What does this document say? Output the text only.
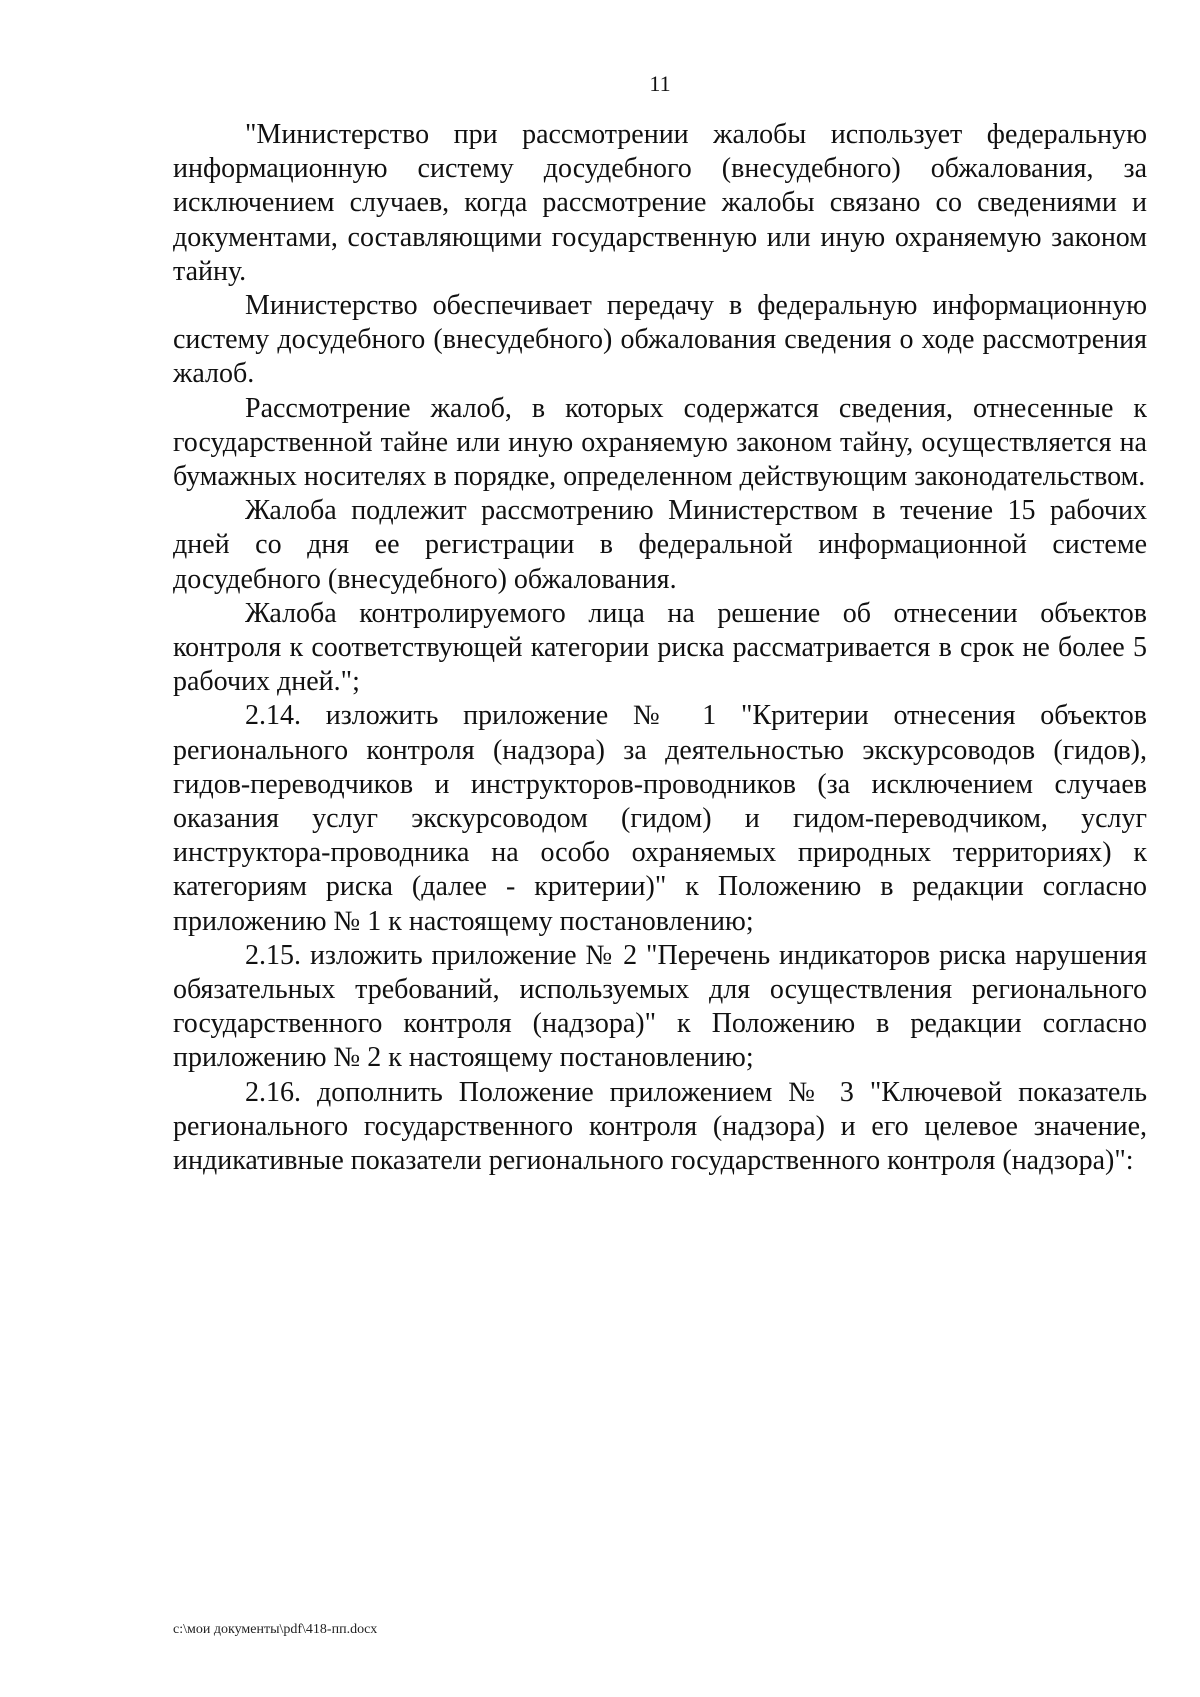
11

"Министерство при рассмотрении жалобы использует федеральную информационную систему досудебного (внесудебного) обжалования, за исключением случаев, когда рассмотрение жалобы связано со сведениями и документами, составляющими государственную или иную охраняемую законом тайну.

Министерство обеспечивает передачу в федеральную информационную систему досудебного (внесудебного) обжалования сведения о ходе рассмотрения жалоб.

Рассмотрение жалоб, в которых содержатся сведения, отнесенные к государственной тайне или иную охраняемую законом тайну, осуществляется на бумажных носителях в порядке, определенном действующим законодательством.

Жалоба подлежит рассмотрению Министерством в течение 15 рабочих дней со дня ее регистрации в федеральной информационной системе досудебного (внесудебного) обжалования.

Жалоба контролируемого лица на решение об отнесении объектов контроля к соответствующей категории риска рассматривается в срок не более 5 рабочих дней.";

2.14. изложить приложение № 1 "Критерии отнесения объектов регионального контроля (надзора) за деятельностью экскурсоводов (гидов), гидов-переводчиков и инструкторов-проводников (за исключением случаев оказания услуг экскурсоводом (гидом) и гидом-переводчиком, услуг инструктора-проводника на особо охраняемых природных территориях) к категориям риска (далее - критерии)" к Положению в редакции согласно приложению № 1 к настоящему постановлению;

2.15. изложить приложение № 2 "Перечень индикаторов риска нарушения обязательных требований, используемых для осуществления регионального государственного контроля (надзора)" к Положению в редакции согласно приложению № 2 к настоящему постановлению;

2.16. дополнить Положение приложением № 3 "Ключевой показатель регионального государственного контроля (надзора) и его целевое значение, индикативные показатели регионального государственного контроля (надзора)":

c:\мои документы\pdf\418-пп.docx
